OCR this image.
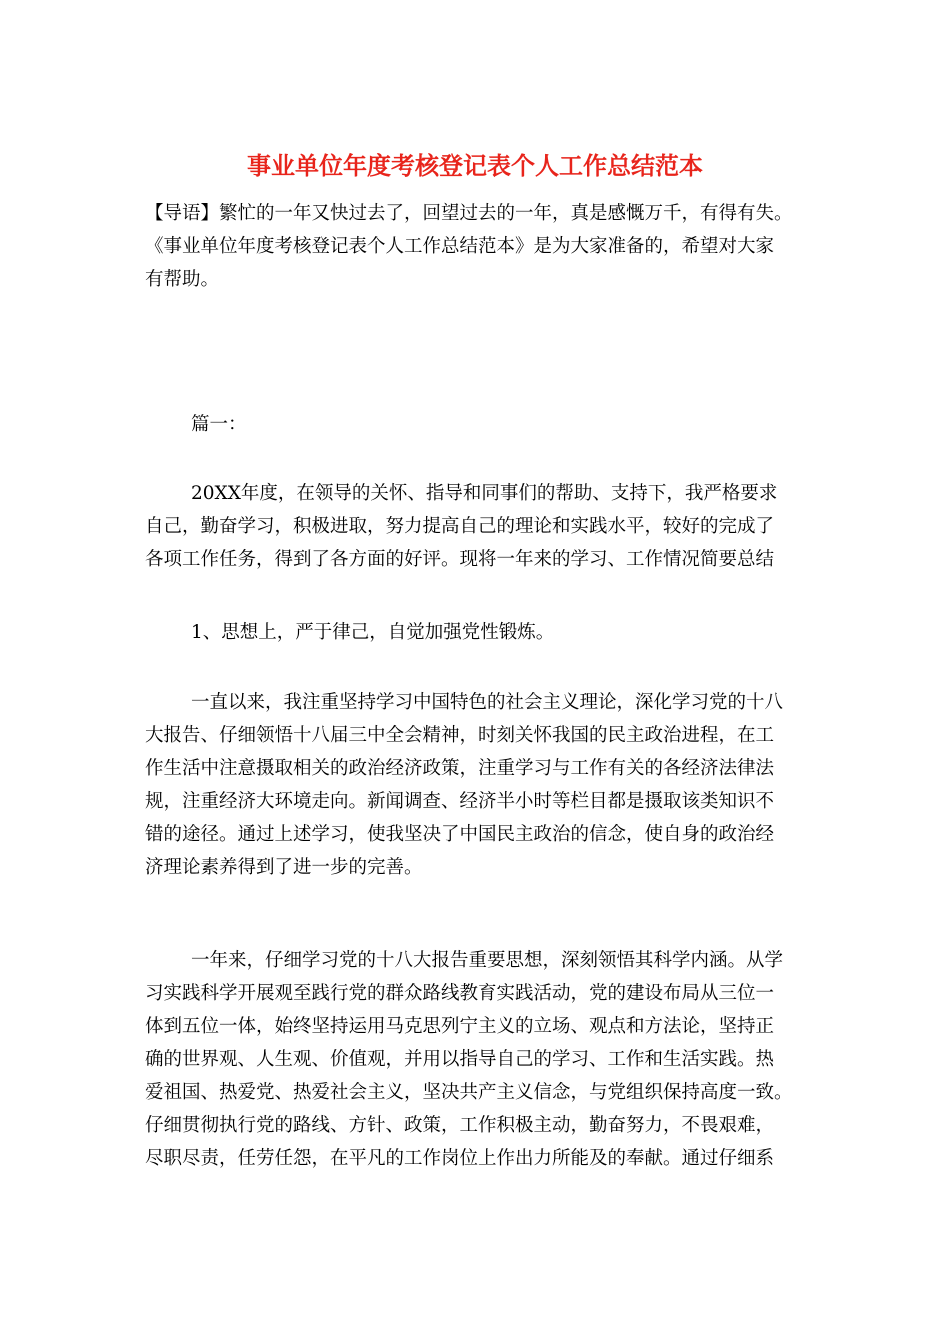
事业单位年度考核登记表个人工作总结范本
【导语】繁忙的一年又快过去了，回望过去的一年，真是感慨万千，有得有失。
《事业单位年度考核登记表个人工作总结范本》是为大家准备的，希望对大家
有帮助。
篇一：
20XX年度，在领导的关怀、指导和同事们的帮助、支持下，我严格要求
自己，勤奋学习，积极进取，努力提高自己的理论和实践水平，较好的完成了
各项工作任务，得到了各方面的好评。现将一年来的学习、工作情况简要总结
1、思想上，严于律己，自觉加强党性锻炼。
一直以来，我注重坚持学习中国特色的社会主义理论，深化学习党的十八
大报告、仔细领悟十八届三中全会精神，时刻关怀我国的民主政治进程，在工
作生活中注意摄取相关的政治经济政策，注重学习与工作有关的各经济法律法
规，注重经济大环境走向。新闻调查、经济半小时等栏目都是摄取该类知识不
错的途径。通过上述学习，使我坚决了中国民主政治的信念，使自身的政治经
济理论素养得到了进一步的完善。
一年来，仔细学习党的十八大报告重要思想，深刻领悟其科学内涵。从学
习实践科学开展观至践行党的群众路线教育实践活动，党的建设布局从三位一
体到五位一体，始终坚持运用马克思列宁主义的立场、观点和方法论，坚持正
确的世界观、人生观、价值观，并用以指导自己的学习、工作和生活实践。热
爱祖国、热爱党、热爱社会主义，坚决共产主义信念，与党组织保持高度一致。
仔细贯彻执行党的路线、方针、政策，工作积极主动，勤奋努力，不畏艰难，
尽职尽责，任劳任怨，在平凡的工作岗位上作出力所能及的奉献。通过仔细系
